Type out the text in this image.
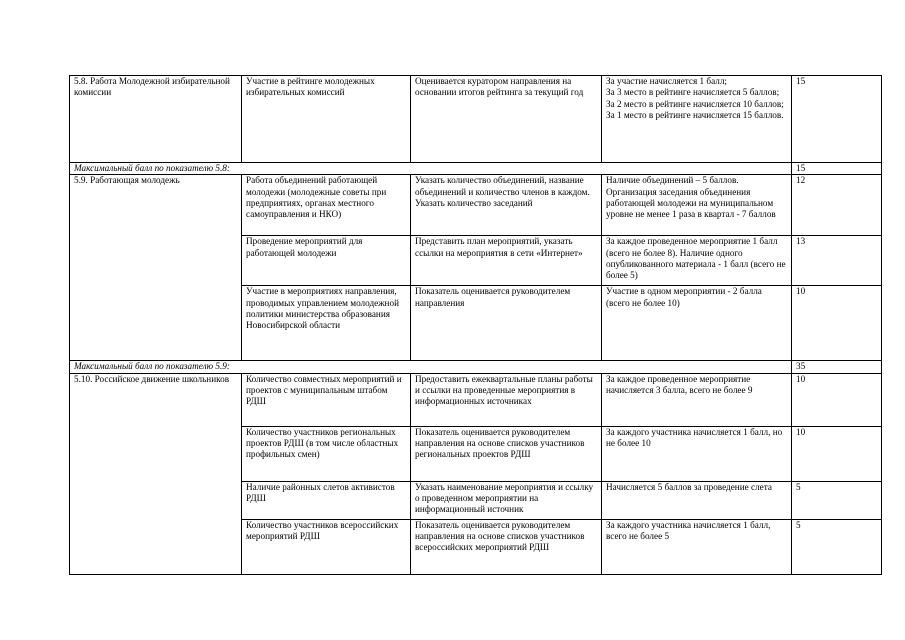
5.8. Работа Молодежной избирательной комиссии	Участие в рейтинге молодежных избирательных комиссий	Оценивается куратором направления на основании итогов рейтинга за текущий год	За участие начисляется 1 балл;
За 3 место в рейтинге начисляется 5 баллов;
За 2 место в рейтинге начисляется 10 баллов;
За 1 место в рейтинге начисляется 15 баллов.	15
Максимальный балл по показателю 5.8:				15
5.9. Работающая молодежь	Работа объединений работающей молодежи (молодежные советы при предприятиях, органах местного самоуправления и НКО)	Указать количество объединений, название объединений и количество членов в каждом. Указать количество заседаний	Наличие объединений – 5 баллов. Организация заседания объединения работающей молодежи на муниципальном уровне не менее 1 раза в квартал - 7 баллов	12
	Проведение мероприятий для работающей молодежи	Представить план мероприятий, указать ссылки на мероприятия в сети «Интернет»	За каждое проведенное мероприятие 1 балл (всего не более 8). Наличие одного опубликованного материала - 1 балл (всего не более 5)	13
	Участие в мероприятиях направления, проводимых управлением молодежной политики министерства образования Новосибирской области	Показатель оценивается руководителем направления	Участие в одном мероприятии - 2 балла (всего не более 10)	10
Максимальный балл по показателю 5.9:				35
5.10. Российское движение школьников	Количество совместных мероприятий и проектов с муниципальным штабом РДШ	Предоставить ежеквартальные планы работы и ссылки на проведенные мероприятия в информационных источниках	За каждое проведенное мероприятие начисляется 3 балла, всего не более 9	10
	Количество участников региональных проектов РДШ (в том числе областных профильных смен)	Показатель оценивается руководителем направления на основе списков участников региональных проектов РДШ	За каждого участника начисляется 1 балл, но не более 10	10
	Наличие районных слетов активистов РДШ	Указать наименование мероприятия и ссылку о проведенном мероприятии на информационный источник	Начисляется 5 баллов за проведение слета	5
	Количество участников всероссийских мероприятий РДШ	Показатель оценивается руководителем направления на основе списков участников всероссийских мероприятий РДШ	За каждого участника начисляется 1 балл, всего не более 5	5
